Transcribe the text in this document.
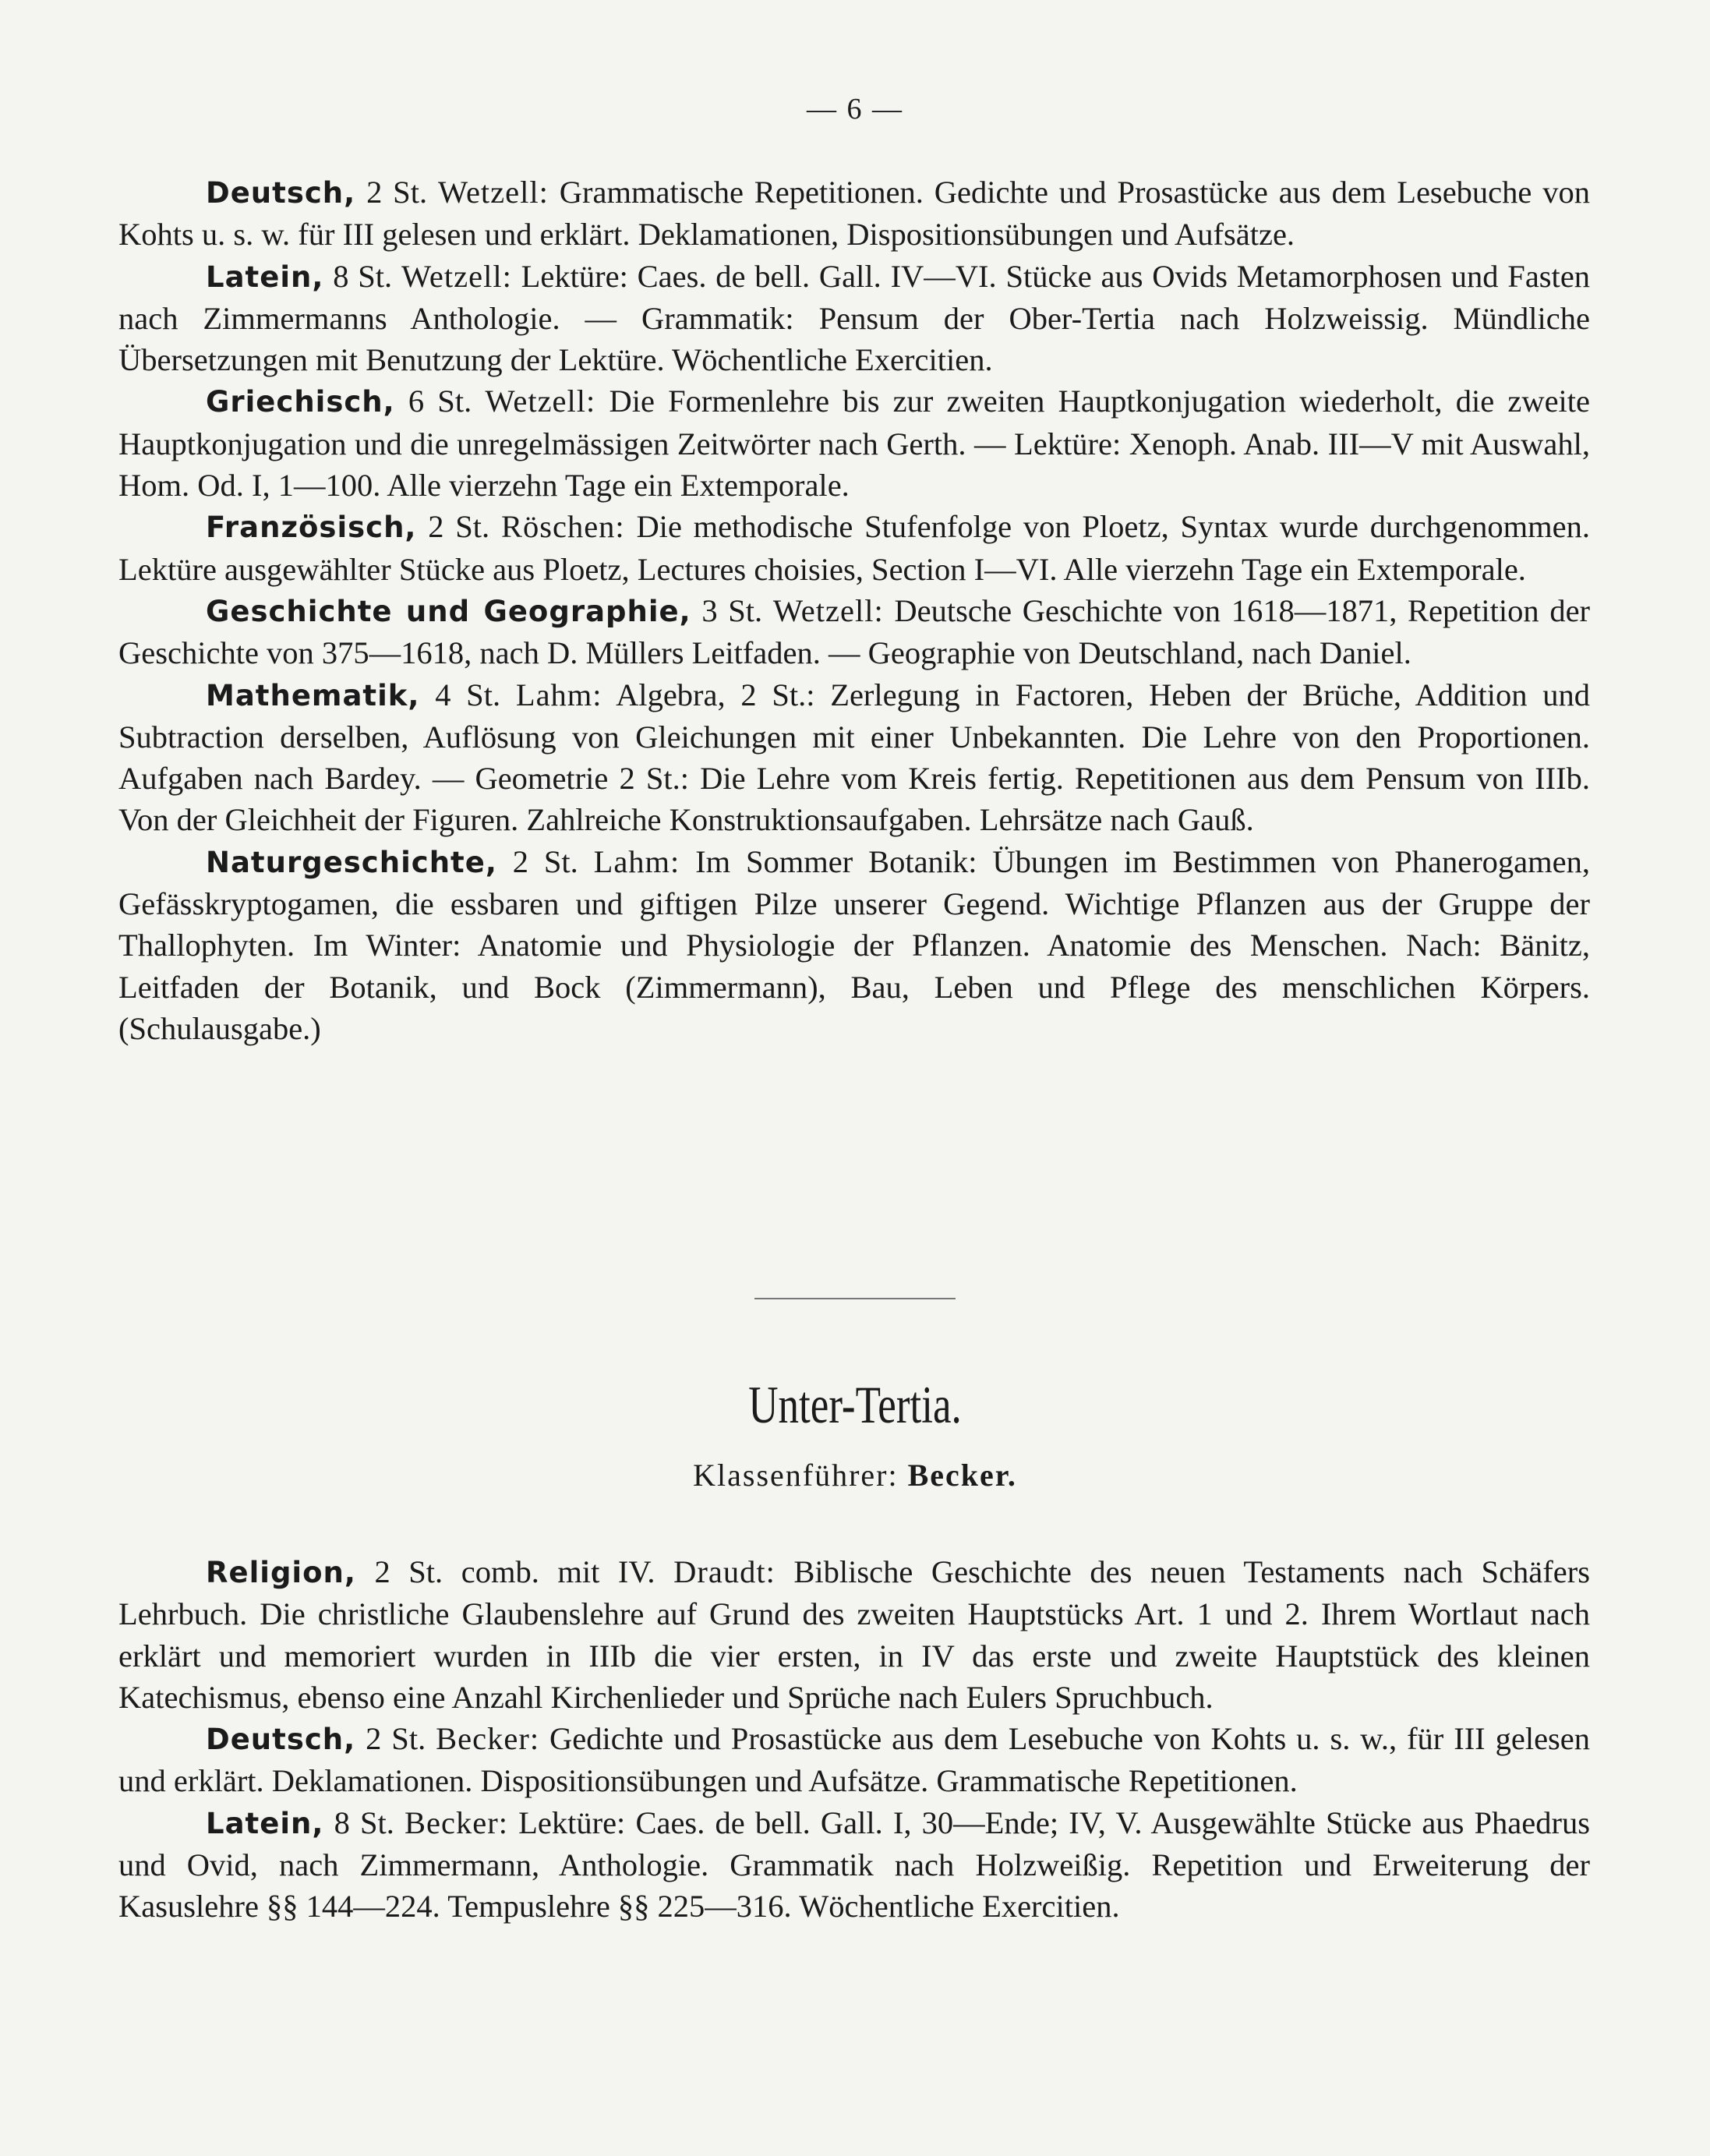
— 6 —

Deutsch, 2 St. Wetzell: Grammatische Repetitionen. Gedichte und Prosastücke aus dem Lesebuche von Kohts u. s. w. für III gelesen und erklärt. Deklamationen, Dispositionsübungen und Aufsätze.

Latein, 8 St. Wetzell: Lektüre: Caes. de bell. Gall. IV—VI. Stücke aus Ovids Metamorphosen und Fasten nach Zimmermanns Anthologie. — Grammatik: Pensum der Ober-Tertia nach Holzweissig. Mündliche Übersetzungen mit Benutzung der Lektüre. Wöchentliche Exercitien.

Griechisch, 6 St. Wetzell: Die Formenlehre bis zur zweiten Hauptkonjugation wiederholt, die zweite Hauptkonjugation und die unregelmässigen Zeitwörter nach Gerth. — Lektüre: Xenoph. Anab. III—V mit Auswahl, Hom. Od. I, 1—100. Alle vierzehn Tage ein Extemporale.

Französisch, 2 St. Röschen: Die methodische Stufenfolge von Ploetz, Syntax wurde durchgenommen. Lektüre ausgewählter Stücke aus Ploetz, Lectures choisies, Section I—VI. Alle vierzehn Tage ein Extemporale.

Geschichte und Geographie, 3 St. Wetzell: Deutsche Geschichte von 1618—1871, Repetition der Geschichte von 375—1618, nach D. Müllers Leitfaden. — Geographie von Deutschland, nach Daniel.

Mathematik, 4 St. Lahm: Algebra, 2 St.: Zerlegung in Factoren, Heben der Brüche, Addition und Subtraction derselben, Auflösung von Gleichungen mit einer Unbekannten. Die Lehre von den Proportionen. Aufgaben nach Bardey. — Geometrie 2 St.: Die Lehre vom Kreis fertig. Repetitionen aus dem Pensum von IIIb. Von der Gleichheit der Figuren. Zahlreiche Konstruktionsaufgaben. Lehrsätze nach Gauß.

Naturgeschichte, 2 St. Lahm: Im Sommer Botanik: Übungen im Bestimmen von Phanerogamen, Gefässkryptogamen, die essbaren und giftigen Pilze unserer Gegend. Wichtige Pflanzen aus der Gruppe der Thallophyten. Im Winter: Anatomie und Physiologie der Pflanzen. Anatomie des Menschen. Nach: Bänitz, Leitfaden der Botanik, und Bock (Zimmermann), Bau, Leben und Pflege des menschlichen Körpers. (Schulausgabe.)

Unter-Tertia.
Klassenführer: Becker.

Religion, 2 St. comb. mit IV. Draudt: Biblische Geschichte des neuen Testaments nach Schäfers Lehrbuch. Die christliche Glaubenslehre auf Grund des zweiten Hauptstücks Art. 1 und 2. Ihrem Wortlaut nach erklärt und memoriert wurden in IIIb die vier ersten, in IV das erste und zweite Hauptstück des kleinen Katechismus, ebenso eine Anzahl Kirchenlieder und Sprüche nach Eulers Spruchbuch.

Deutsch, 2 St. Becker: Gedichte und Prosastücke aus dem Lesebuche von Kohts u. s. w., für III gelesen und erklärt. Deklamationen. Dispositionsübungen und Aufsätze. Grammatische Repetitionen.

Latein, 8 St. Becker: Lektüre: Caes. de bell. Gall. I, 30—Ende; IV, V. Ausgewählte Stücke aus Phaedrus und Ovid, nach Zimmermann, Anthologie. Grammatik nach Holzweißig. Repetition und Erweiterung der Kasuslehre §§ 144—224. Tempuslehre §§ 225—316. Wöchentliche Exercitien.
